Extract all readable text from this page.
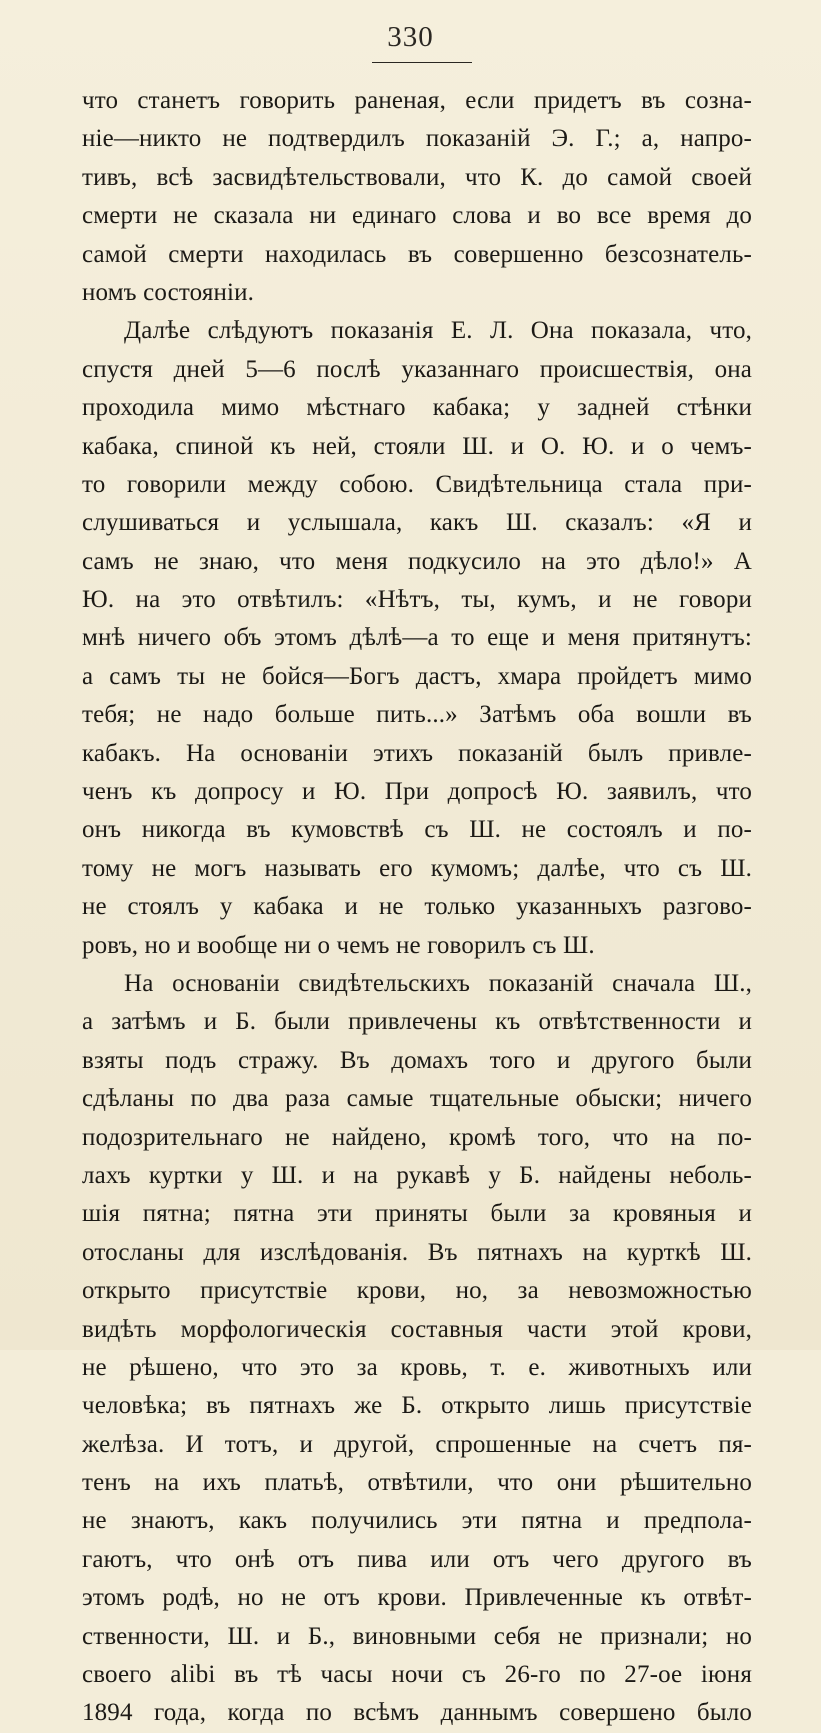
330
что станетъ говорить раненая, если придетъ въ созна-
ніе—никто не подтвердилъ показаній Э. Г.; а, напро-
тивъ, всѣ засвидѣтельствовали, что К. до самой своей
смерти не сказала ни единаго слова и во все время до
самой смерти находилась въ совершенно безсознатель-
номъ состояніи.
Далѣе слѣдуютъ показанія Е. Л. Она показала, что,
спустя дней 5—6 послѣ указаннаго происшествія, она
проходила мимо мѣстнаго кабака; у задней стѣнки
кабака, спиной къ ней, стояли Ш. и О. Ю. и о чемъ-
то говорили между собою. Свидѣтельница стала при-
слушиваться и услышала, какъ Ш. сказалъ: «Я и
самъ не знаю, что меня подкусило на это дѣло!» А
Ю. на это отвѣтилъ: «Нѣтъ, ты, кумъ, и не говори
мнѣ ничего объ этомъ дѣлѣ—а то еще и меня притянутъ:
а самъ ты не бойся—Богъ дастъ, хмара пройдетъ мимо
тебя; не надо больше пить...» Затѣмъ оба вошли въ
кабакъ. На основаніи этихъ показаній былъ привле-
ченъ къ допросу и Ю. При допросѣ Ю. заявилъ, что
онъ никогда въ кумовствѣ съ Ш. не состоялъ и по-
тому не могъ называть его кумомъ; далѣе, что съ Ш.
не стоялъ у кабака и не только указанныхъ разгово-
ровъ, но и вообще ни о чемъ не говорилъ съ Ш.
На основаніи свидѣтельскихъ показаній сначала Ш.,
а затѣмъ и Б. были привлечены къ отвѣтственности и
взяты подъ стражу. Въ домахъ того и другого были
сдѣланы по два раза самые тщательные обыски; ничего
подозрительнаго не найдено, кромѣ того, что на по-
лахъ куртки у Ш. и на рукавѣ у Б. найдены неболь-
шія пятна; пятна эти приняты были за кровяныя и
отосланы для изслѣдованія. Въ пятнахъ на курткѣ Ш.
открыто присутствіе крови, но, за невозможностью
видѣть морфологическія составныя части этой крови,
не рѣшено, что это за кровь, т. е. животныхъ или
человѣка; въ пятнахъ же Б. открыто лишь присутствіе
желѣза. И тотъ, и другой, спрошенные на счетъ пя-
тенъ на ихъ платьѣ, отвѣтили, что они рѣшительно
не знаютъ, какъ получились эти пятна и предпола-
гаютъ, что онѣ отъ пива или отъ чего другого въ
этомъ родѣ, но не отъ крови. Привлеченные къ отвѣт-
ственности, Ш. и Б., виновными себя не признали; но
своего alibi въ тѣ часы ночи съ 26-го по 27-ое іюня
1894 года, когда по всѣмъ даннымъ совершено было
